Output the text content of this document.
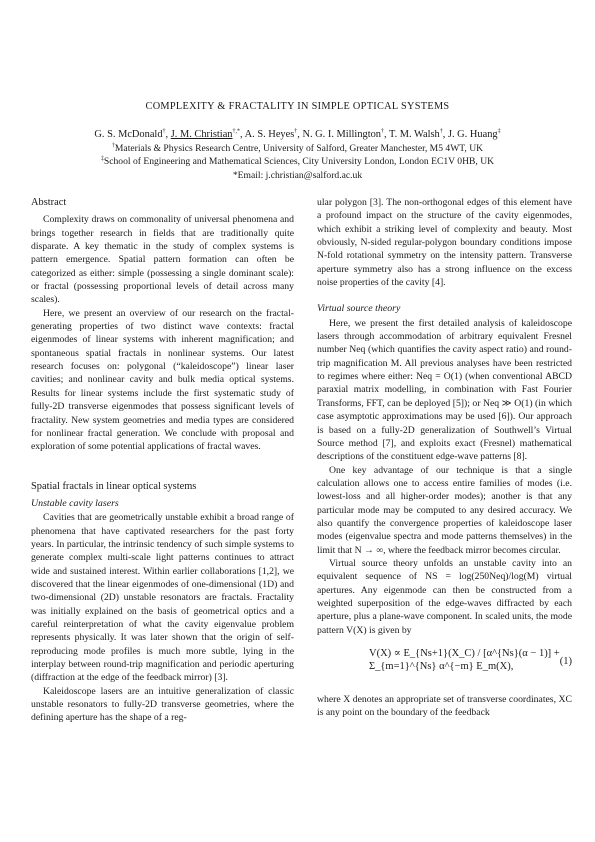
COMPLEXITY & FRACTALITY IN SIMPLE OPTICAL SYSTEMS
G. S. McDonald†, J. M. Christian†,*, A. S. Heyes†, N. G. I. Millington†, T. M. Walsh†, J. G. Huang‡
†Materials & Physics Research Centre, University of Salford, Greater Manchester, M5 4WT, UK
‡School of Engineering and Mathematical Sciences, City University London, London EC1V 0HB, UK
*Email: j.christian@salford.ac.uk
Abstract

Complexity draws on commonality of universal phenomena and brings together research in fields that are traditionally quite disparate. A key thematic in the study of complex systems is pattern emergence. Spatial pattern formation can often be categorized as either: simple (possessing a single dominant scale): or fractal (possessing proportional levels of detail across many scales).

Here, we present an overview of our research on the fractal-generating properties of two distinct wave contexts: fractal eigenmodes of linear systems with inherent magnification; and spontaneous spatial fractals in nonlinear systems. Our latest research focuses on: polygonal (“kaleidoscope”) linear laser cavities; and nonlinear cavity and bulk media optical systems. Results for linear systems include the first systematic study of fully-2D transverse eigenmodes that possess significant levels of fractality. New system geometries and media types are considered for nonlinear fractal generation. We conclude with proposal and exploration of some potential applications of fractal waves.

Spatial fractals in linear optical systems
Unstable cavity lasers

Cavities that are geometrically unstable exhibit a broad range of phenomena that have captivated researchers for the past forty years. In particular, the intrinsic tendency of such simple systems to generate complex multi-scale light patterns continues to attract wide and sustained interest. Within earlier collaborations [1,2], we discovered that the linear eigenmodes of one-dimensional (1D) and two-dimensional (2D) unstable resonators are fractals. Fractality was initially explained on the basis of geometrical optics and a careful reinterpretation of what the cavity eigenvalue problem represents physically. It was later shown that the origin of self-reproducing mode profiles is much more subtle, lying in the interplay between round-trip magnification and periodic aperturing (diffraction at the edge of the feedback mirror) [3].

Kaleidoscope lasers are an intuitive generalization of classic unstable resonators to fully-2D transverse geometries, where the defining aperture has the shape of a reg-

ular polygon [3]. The non-orthogonal edges of this element have a profound impact on the structure of the cavity eigenmodes, which exhibit a striking level of complexity and beauty. Most obviously, N-sided regular-polygon boundary conditions impose N-fold rotational symmetry on the intensity pattern. Transverse aperture symmetry also has a strong influence on the excess noise properties of the cavity [4].

Virtual source theory

Here, we present the first detailed analysis of kaleidoscope lasers through accommodation of arbitrary equivalent Fresnel number Neq (which quantifies the cavity aspect ratio) and round-trip magnification M. All previous analyses have been restricted to regimes where either: Neq = O(1) (when conventional ABCD paraxial matrix modelling, in combination with Fast Fourier Transforms, FFT, can be deployed [5]); or Neq ≫ O(1) (in which case asymptotic approximations may be used [6]). Our approach is based on a fully-2D generalization of Southwell’s Virtual Source method [7], and exploits exact (Fresnel) mathematical descriptions of the constituent edge-wave patterns [8].

One key advantage of our technique is that a single calculation allows one to access entire families of modes (i.e. lowest-loss and all higher-order modes); another is that any particular mode may be computed to any desired accuracy. We also quantify the convergence properties of kaleidoscope laser modes (eigenvalue spectra and mode patterns themselves) in the limit that N → ∞, where the feedback mirror becomes circular.

Virtual source theory unfolds an unstable cavity into an equivalent sequence of NS = log(250Neq)/log(M) virtual apertures. Any eigenmode can then be constructed from a weighted superposition of the edge-waves diffracted by each aperture, plus a plane-wave component. In scaled units, the mode pattern V(X) is given by

V(X) ∝ E_{Ns+1}(X_C) / [α^{Ns}(α − 1)] + Σ_{m=1}^{Ns} α^{−m} E_m(X),	(1)

where X denotes an appropriate set of transverse coordinates, XC is any point on the boundary of the feedback
